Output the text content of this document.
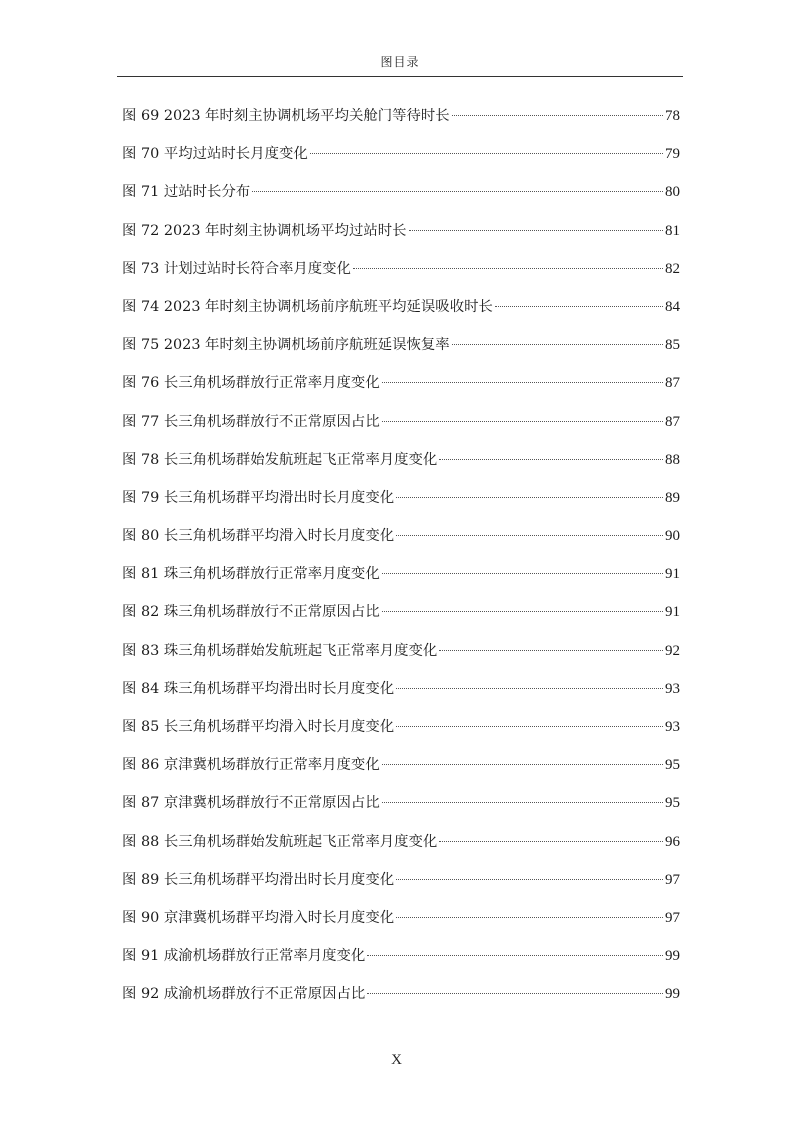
图目录
图 69 2023 年时刻主协调机场平均关舱门等待时长	78
图 70 平均过站时长月度变化	79
图 71 过站时长分布	80
图 72 2023 年时刻主协调机场平均过站时长	81
图 73 计划过站时长符合率月度变化	82
图 74 2023 年时刻主协调机场前序航班平均延误吸收时长	84
图 75 2023 年时刻主协调机场前序航班延误恢复率	85
图 76 长三角机场群放行正常率月度变化	87
图 77 长三角机场群放行不正常原因占比	87
图 78 长三角机场群始发航班起飞正常率月度变化	88
图 79 长三角机场群平均滑出时长月度变化	89
图 80 长三角机场群平均滑入时长月度变化	90
图 81 珠三角机场群放行正常率月度变化	91
图 82 珠三角机场群放行不正常原因占比	91
图 83 珠三角机场群始发航班起飞正常率月度变化	92
图 84 珠三角机场群平均滑出时长月度变化	93
图 85 长三角机场群平均滑入时长月度变化	93
图 86 京津冀机场群放行正常率月度变化	95
图 87 京津冀机场群放行不正常原因占比	95
图 88 长三角机场群始发航班起飞正常率月度变化	96
图 89 长三角机场群平均滑出时长月度变化	97
图 90 京津冀机场群平均滑入时长月度变化	97
图 91 成渝机场群放行正常率月度变化	99
图 92 成渝机场群放行不正常原因占比	99
X
